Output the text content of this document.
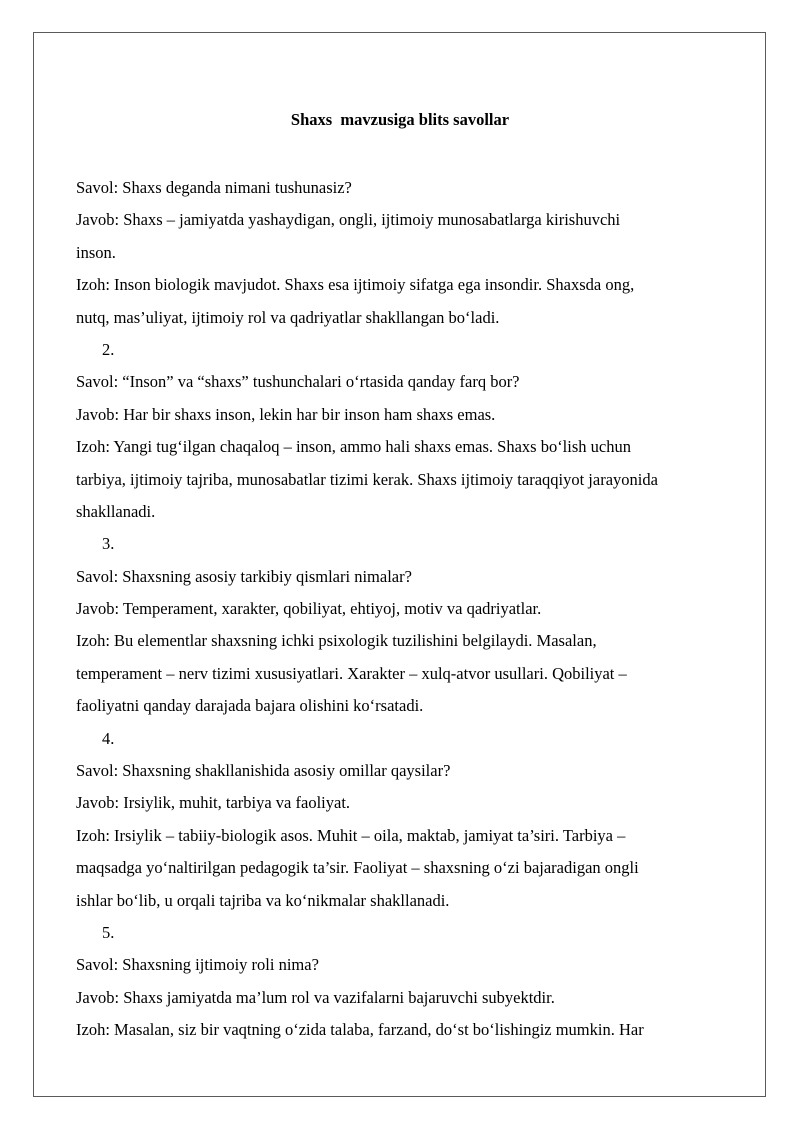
Shaxs  mavzusiga blits savollar
Savol: Shaxs deganda nimani tushunasiz?
Javob: Shaxs – jamiyatda yashaydigan, ongli, ijtimoiy munosabatlarga kirishuvchi
inson.
Izoh: Inson biologik mavjudot. Shaxs esa ijtimoiy sifatga ega insondir. Shaxsda ong,
nutq, mas’uliyat, ijtimoiy rol va qadriyatlar shakllangan bo‘ladi.
2.
Savol: “Inson” va “shaxs” tushunchalari o‘rtasida qanday farq bor?
Javob: Har bir shaxs inson, lekin har bir inson ham shaxs emas.
Izoh: Yangi tug‘ilgan chaqaloq – inson, ammo hali shaxs emas. Shaxs bo‘lish uchun
tarbiya, ijtimoiy tajriba, munosabatlar tizimi kerak. Shaxs ijtimoiy taraqqiyot jarayonida
shakllanadi.
3.
Savol: Shaxsning asosiy tarkibiy qismlari nimalar?
Javob: Temperament, xarakter, qobiliyat, ehtiyoj, motiv va qadriyatlar.
Izoh: Bu elementlar shaxsning ichki psixologik tuzilishini belgilaydi. Masalan,
temperament – nerv tizimi xususiyatlari. Xarakter – xulq-atvor usullari. Qobiliyat –
faoliyatni qanday darajada bajara olishini ko‘rsatadi.
4.
Savol: Shaxsning shakllanishida asosiy omillar qaysilar?
Javob: Irsiylik, muhit, tarbiya va faoliyat.
Izoh: Irsiylik – tabiiy-biologik asos. Muhit – oila, maktab, jamiyat ta’siri. Tarbiya –
maqsadga yo‘naltirilgan pedagogik ta’sir. Faoliyat – shaxsning o‘zi bajaradigan ongli
ishlar bo‘lib, u orqali tajriba va ko‘nikmalar shakllanadi.
5.
Savol: Shaxsning ijtimoiy roli nima?
Javob: Shaxs jamiyatda ma’lum rol va vazifalarni bajaruvchi subyektdir.
Izoh: Masalan, siz bir vaqtning o‘zida talaba, farzand, do‘st bo‘lishingiz mumkin. Har
